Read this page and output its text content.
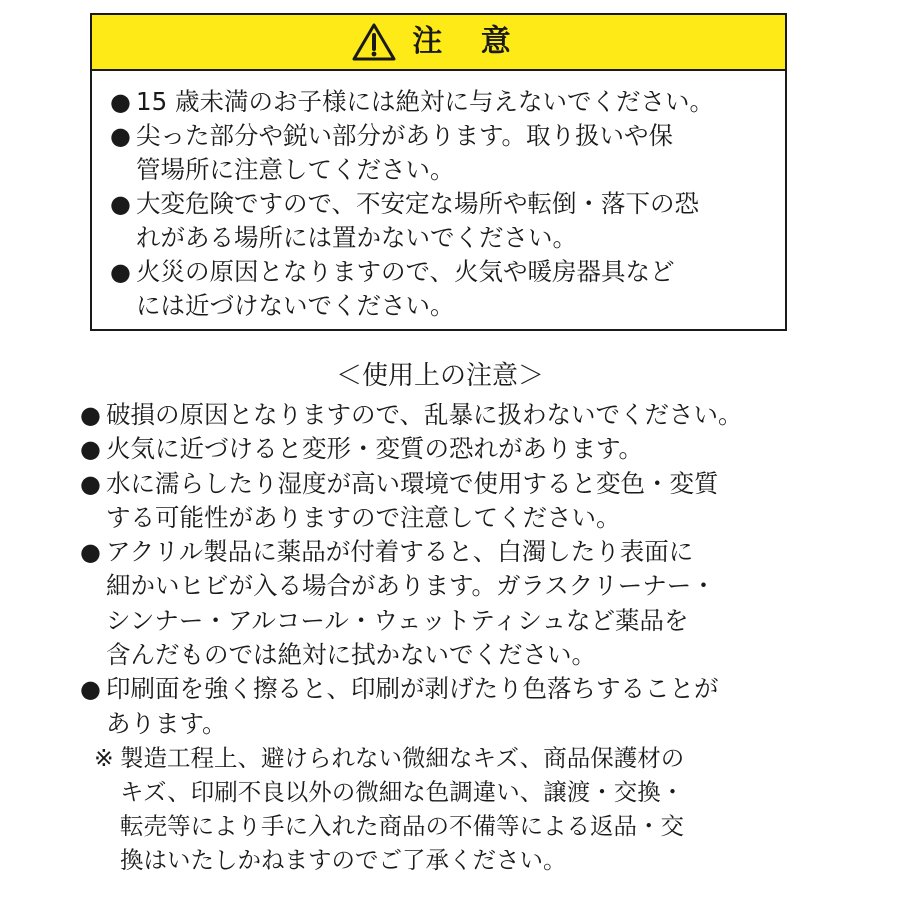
注 意
● 15 歳未満のお子様には絶対に与えないでください。
● 尖った部分や鋭い部分があります。取り扱いや保
管場所に注意してください。
● 大変危険ですので、不安定な場所や転倒・落下の恐
れがある場所には置かないでください。
● 火災の原因となりますので、火気や暖房器具など
には近づけないでください。
＜使用上の注意＞
● 破損の原因となりますので、乱暴に扱わないでください。
● 火気に近づけると変形・変質の恐れがあります。
● 水に濡らしたり湿度が高い環境で使用すると変色・変質
する可能性がありますので注意してください。
● アクリル製品に薬品が付着すると、白濁したり表面に
細かいヒビが入る場合があります。ガラスクリーナー・
シンナー・アルコール・ウェットティシュなど薬品を
含んだものでは絶対に拭かないでください。
● 印刷面を強く擦ると、印刷が剥げたり色落ちすることが
あります。
※ 製造工程上、避けられない微細なキズ、商品保護材の
キズ、印刷不良以外の微細な色調違い、譲渡・交換・
転売等により手に入れた商品の不備等による返品・交
換はいたしかねますのでご了承ください。
